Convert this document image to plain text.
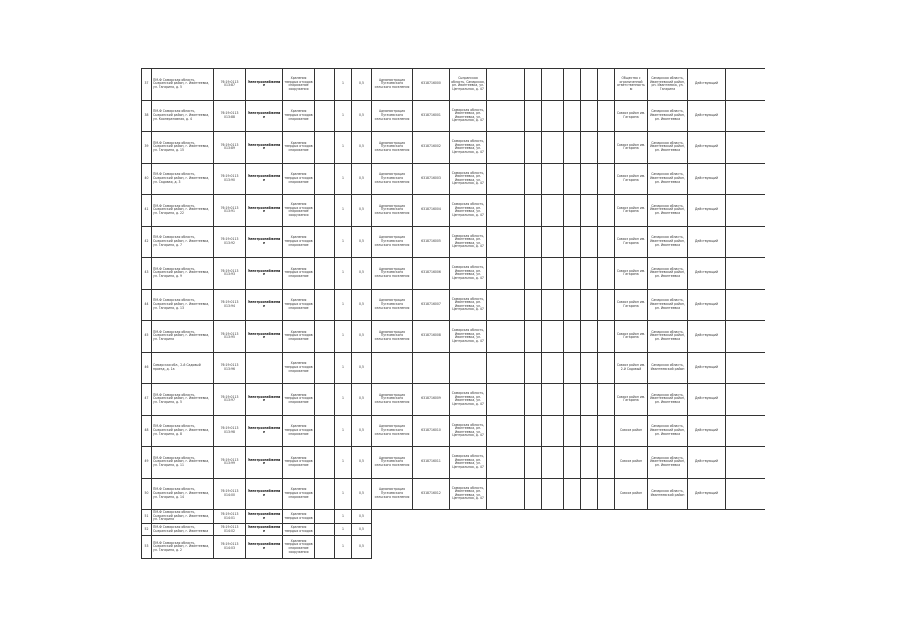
37	ПМ-Ф Самарская область, Сызранский район, г. Ивантеевка, ул. Гагарина, д. 5	76:19:0113 013:87	Электроснабжение	Хранения твердых отходов снаряжение сооружения		1	0,5	Администрация Пугачевского сельского поселения	6318716000	Сызранская область, Самарская, рп. Ивантеевка, ул. Центральная, д. 47							Общество с ограниченной ответственностью	Самарская область, Ивантеевский район, рп. Ивантеевка, ул. Гагарина	Действующий	
38	ПМ-Ф Самарская область, Сызранский район, г. Ивантеевка, ул. Кооперативная, д. 4	76:19:0113 013:88	Электроснабжение	Хранения твердых отходов снаряжение		1	0,5	Администрация Пугачевского сельского поселения	6318716001	Самарская область, Ивантеевка, рп. Ивантеевка, ул. Центральная, д. 47							Совхоз район им. Гагарина	Самарская область, Ивантеевский район, рп. Ивантеевка	Действующий	
39	ПМ-Ф Самарская область, Сызранский район, г. Ивантеевка, ул. Гагарина, д. 15	76:19:0113 013:89	Электроснабжение	Хранения твердых отходов снаряжение		1	0,5	Администрация Пугачевского сельского поселения	6318716002	Самарская область, Ивантеевка, рп. Ивантеевка, ул. Центральная, д. 47							Совхоз район им. Гагарина	Самарская область, Ивантеевский район, рп. Ивантеевка	Действующий	
40	ПМ-Ф Самарская область, Сызранский район, г. Ивантеевка, ул. Садовая, д. 3	76:19:0113 013:90	Электроснабжение	Хранения твердых отходов снаряжение		1	0,5	Администрация Пугачевского сельского поселения	6318716003	Самарская область, Ивантеевка, рп. Ивантеевка, ул. Центральная, д. 47							Совхоз район им. Гагарина	Самарская область, Ивантеевский район, рп. Ивантеевка	Действующий	
41	ПМ-Ф Самарская область, Сызранский район, г. Ивантеевка, ул. Гагарина, д. 22	76:19:0113 013:91	Электроснабжение	Хранения твердых отходов снаряжение сооружения		1	0,5	Администрация Пугачевского сельского поселения	6318716004	Самарская область, Ивантеевка, рп. Ивантеевка, ул. Центральная, д. 47							Совхоз район им. Гагарина	Самарская область, Ивантеевский район, рп. Ивантеевка	Действующий	
42	ПМ-Ф Самарская область, Сызранский район, г. Ивантеевка, ул. Гагарина, д. 7	76:19:0113 013:92	Электроснабжение	Хранения твердых отходов снаряжение		1	0,5	Администрация Пугачевского сельского поселения	6318716005	Самарская область, Ивантеевка, рп. Ивантеевка, ул. Центральная, д. 47							Совхоз район им. Гагарина	Самарская область, Ивантеевский район, рп. Ивантеевка	Действующий	
43	ПМ-Ф Самарская область, Сызранский район, г. Ивантеевка, ул. Гагарина, д. 9	76:19:0113 013:93	Электроснабжение	Хранения твердых отходов снаряжение		1	0,5	Администрация Пугачевского сельского поселения	6318716006	Самарская область, Ивантеевка, рп. Ивантеевка, ул. Центральная, д. 47							Совхоз район им. Гагарина	Самарская область, Ивантеевский район, рп. Ивантеевка	Действующий	
44	ПМ-Ф Самарская область, Сызранский район, г. Ивантеевка, ул. Гагарина, д. 13	76:19:0113 013:94	Электроснабжение	Хранения твердых отходов снаряжение		1	0,5	Администрация Пугачевского сельского поселения	6318716007	Самарская область, Ивантеевка, рп. Ивантеевка, ул. Центральная, д. 47							Совхоз район им. Гагарина	Самарская область, Ивантеевский район, рп. Ивантеевка	Действующий	
45	ПМ-Ф Самарская область, Сызранский район, г. Ивантеевка, ул. Гагарина	76:19:0113 013:95	Электроснабжение	Хранения твердых отходов снаряжение		1	0,5	Администрация Пугачевского сельского поселения	6318716008	Самарская область, Ивантеевка, рп. Ивантеевка, ул. Центральная, д. 47							Совхоз район им. Гагарина	Самарская область, Ивантеевский район, рп. Ивантеевка	Действующий	
46	Самарская обл., 2-й Садовый проезд, д. 1а	76:19:0113 013:96		Хранения твердых отходов снаряжение		1	0,5										Совхоз район им. 2-й Садовый	Самарская область, Ивантеевский район	Действующий	
47	ПМ-Ф Самарская область, Сызранский район, г. Ивантеевка, ул. Гагарина, д. 5	76:19:0113 013:97	Электроснабжение	Хранения твердых отходов снаряжение		1	0,5	Администрация Пугачевского сельского поселения	6318716009	Самарская область, Ивантеевка, рп. Ивантеевка, ул. Центральная, д. 47							Совхоз район им. Гагарина	Самарская область, Ивантеевский район, рп. Ивантеевка	Действующий	
48	ПМ-Ф Самарская область, Сызранский район, г. Ивантеевка, ул. Гагарина, д. 8	76:19:0113 013:98	Электроснабжение	Хранения твердых отходов снаряжение		1	0,5	Администрация Пугачевского сельского поселения	6318716010	Самарская область, Ивантеевка, рп. Ивантеевка, ул. Центральная, д. 47							Совхоз район	Самарская область, Ивантеевский район, рп. Ивантеевка	Действующий	
49	ПМ-Ф Самарская область, Сызранский район, г. Ивантеевка, ул. Гагарина, д. 11	76:19:0113 013:99	Электроснабжение	Хранения твердых отходов снаряжение		1	0,5	Администрация Пугачевского сельского поселения	6318716011	Самарская область, Ивантеевка, рп. Ивантеевка, ул. Центральная, д. 47							Совхоз район	Самарская область, Ивантеевский район, рп. Ивантеевка	Действующий	
50	ПМ-Ф Самарская область, Сызранский район, г. Ивантеевка, ул. Гагарина, д. 14	76:19:0113 014:00	Электроснабжение	Хранения твердых отходов снаряжение		1	0,5	Администрация Пугачевского сельского поселения	6318716012	Самарская область, Ивантеевка, рп. Ивантеевка, ул. Центральная, д. 47							Совхоз район	Самарская область, Ивантеевский район	Действующий	
51	ПМ-Ф Самарская область, Сызранский район, г. Ивантеевка, ул. Гагарина	76:19:0113 014:01	Электроснабжение	Хранения твердых отходов		1	0,5													
52	ПМ-Ф Самарская область, Сызранский район, г. Ивантеевка	76:19:0113 014:02	Электроснабжение	Хранения твердых отходов		1	0,5													
53	ПМ-Ф Самарская область, Сызранский район, г. Ивантеевка, ул. Гагарина, д. 2	76:19:0113 014:03	Электроснабжение	Хранения твердых отходов снаряжение сооружения		1	0,5													
